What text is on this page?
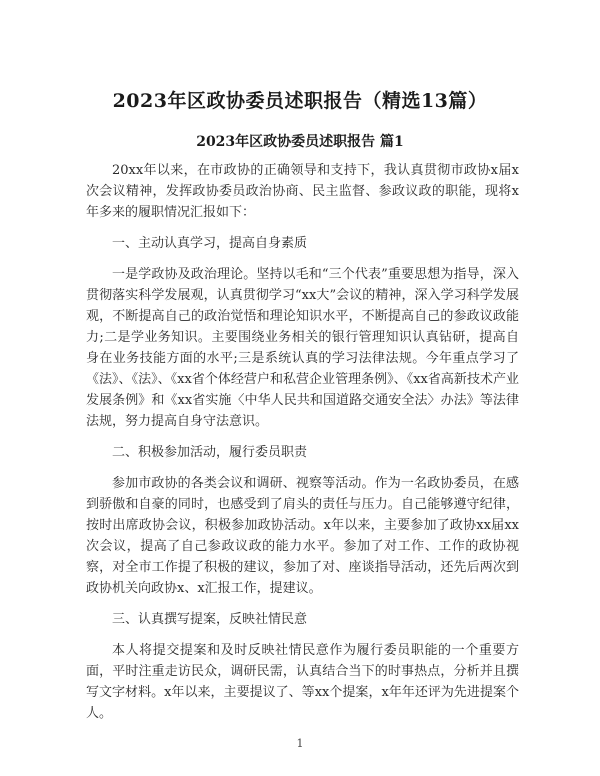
2023年区政协委员述职报告（精选13篇）
2023年区政协委员述职报告 篇1

20xx年以来，在市政协的正确领导和支持下，我认真贯彻市政协x届x次会议精神，发挥政协委员政治协商、民主监督、参政议政的职能，现将x年多来的履职情况汇报如下：

一、主动认真学习，提高自身素质

一是学政协及政治理论。坚持以毛和“三个代表”重要思想为指导，深入贯彻落实科学发展观，认真贯彻学习“xx大”会议的精神，深入学习科学发展观，不断提高自己的政治觉悟和理论知识水平，不断提高自己的参政议政能力;二是学业务知识。主要围绕业务相关的银行管理知识认真钻研，提高自身在业务技能方面的水平;三是系统认真的学习法律法规。今年重点学习了《法》、《法》、《xx省个体经营户和私营企业管理条例》、《xx省高新技术产业发展条例》和《xx省实施〈中华人民共和国道路交通安全法〉办法》等法律法规，努力提高自身守法意识。

二、积极参加活动，履行委员职责

参加市政协的各类会议和调研、视察等活动。作为一名政协委员，在感到骄傲和自豪的同时，也感受到了肩头的责任与压力。自己能够遵守纪律，按时出席政协会议，积极参加政协活动。x年以来，主要参加了政协xx届xx次会议，提高了自己参政议政的能力水平。参加了对工作、工作的政协视察，对全市工作提了积极的建议，参加了对、座谈指导活动，还先后两次到政协机关向政协x、x汇报工作，提建议。

三、认真撰写提案，反映社情民意

本人将提交提案和及时反映社情民意作为履行委员职能的一个重要方面，平时注重走访民众，调研民需，认真结合当下的时事热点，分析并且撰写文字材料。x年以来，主要提议了、等xx个提案，x年年还评为先进提案个人。

1
